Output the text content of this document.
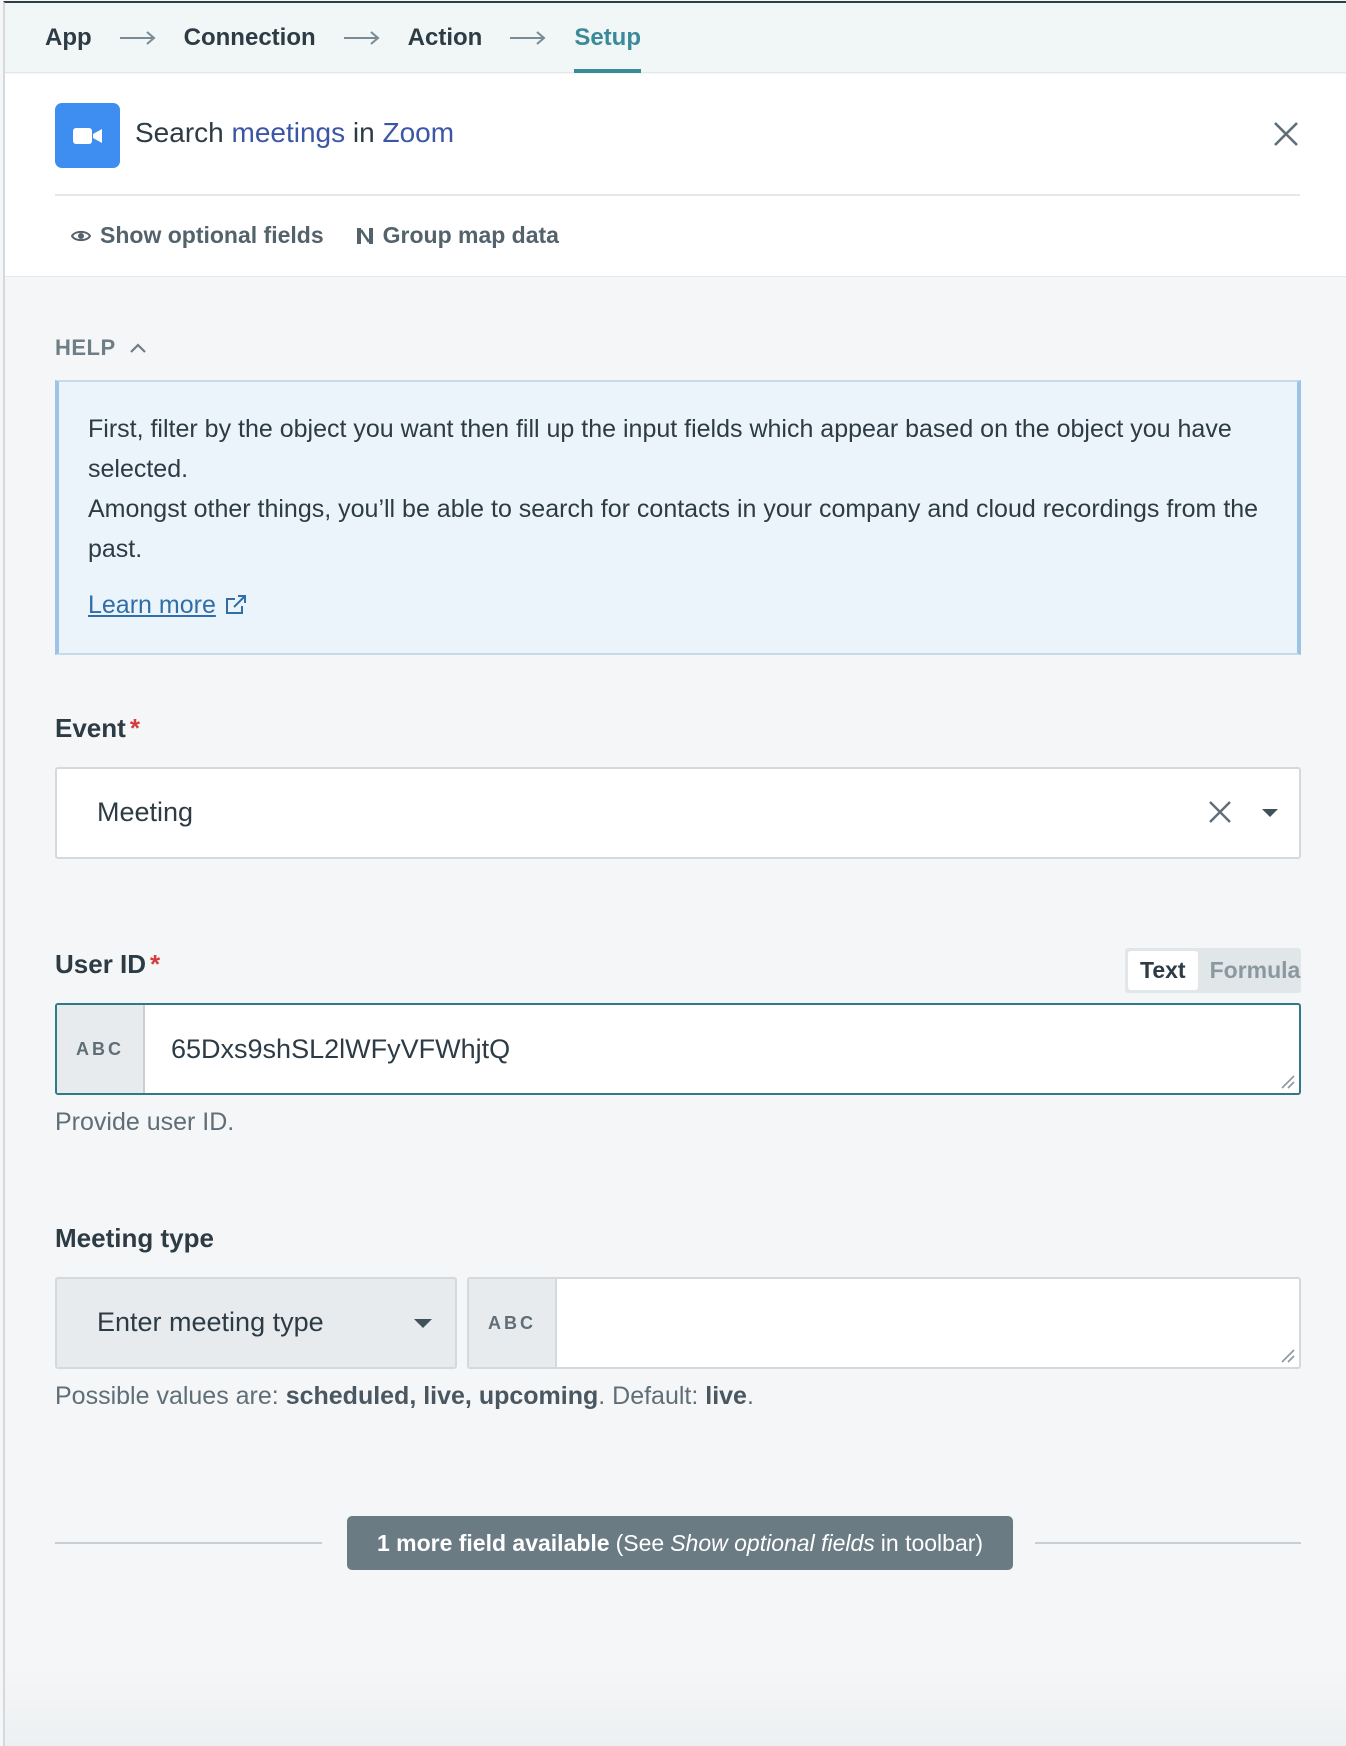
App	Connection	Action	Setup
Search meetings in Zoom
Show optional fields	Group map data
HELP
First, filter by the object you want then fill up the input fields which appear based on the object you have selected.
Amongst other things, you’ll be able to search for contacts in your company and cloud recordings from the past.
Learn more
Event *
Meeting
User ID *	Text	Formula
ABC	65Dxs9shSL2lWFyVFWhjtQ
Provide user ID.
Meeting type
Enter meeting type	ABC
Possible values are: scheduled, live, upcoming. Default: live.
1 more field available (See Show optional fields in toolbar)
